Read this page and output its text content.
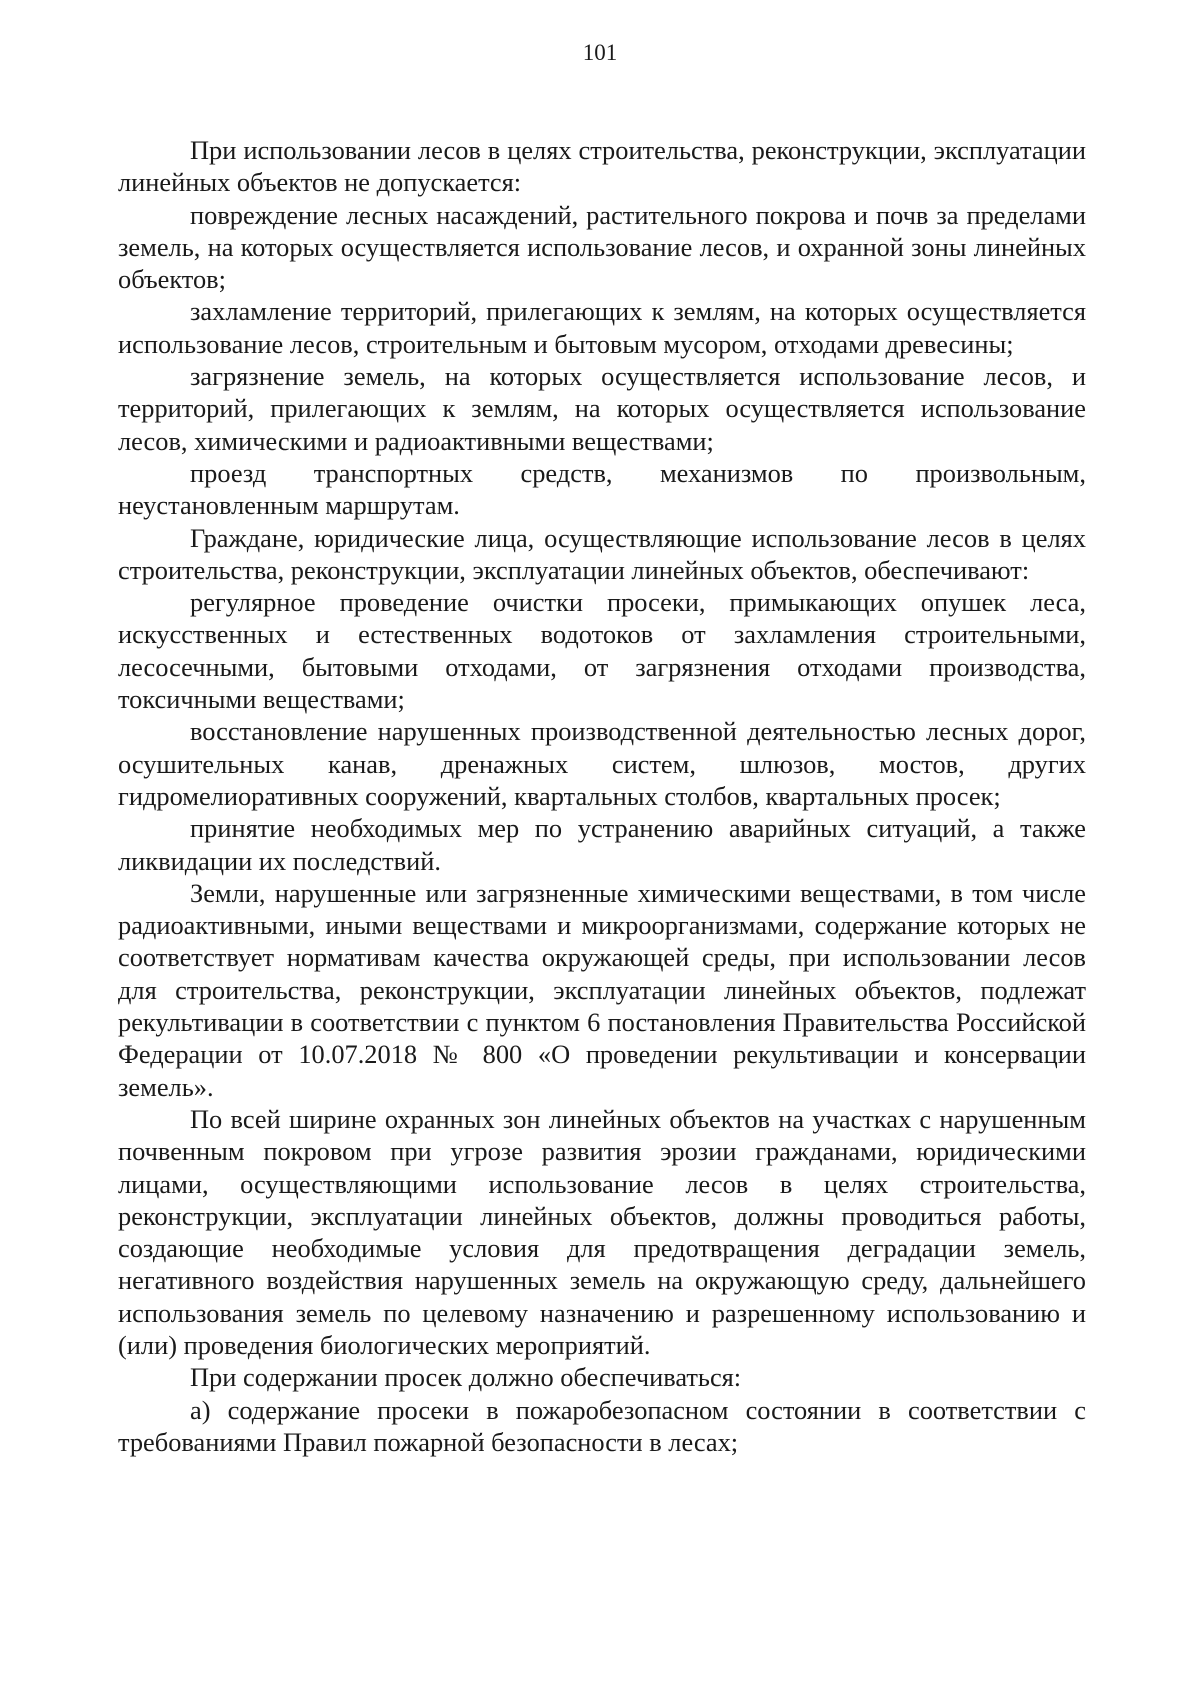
101

При использовании лесов в целях строительства, реконструкции, эксплуатации линейных объектов не допускается:

повреждение лесных насаждений, растительного покрова и почв за пределами земель, на которых осуществляется использование лесов, и охранной зоны линейных объектов;

захламление территорий, прилегающих к землям, на которых осуществляется использование лесов, строительным и бытовым мусором, отходами древесины;

загрязнение земель, на которых осуществляется использование лесов, и территорий, прилегающих к землям, на которых осуществляется использование лесов, химическими и радиоактивными веществами;

проезд транспортных средств, механизмов по произвольным, неустановленным маршрутам.

Граждане, юридические лица, осуществляющие использование лесов в целях строительства, реконструкции, эксплуатации линейных объектов, обеспечивают:

регулярное проведение очистки просеки, примыкающих опушек леса, искусственных и естественных водотоков от захламления строительными, лесосечными, бытовыми отходами, от загрязнения отходами производства, токсичными веществами;

восстановление нарушенных производственной деятельностью лесных дорог, осушительных канав, дренажных систем, шлюзов, мостов, других гидромелиоративных сооружений, квартальных столбов, квартальных просек;

принятие необходимых мер по устранению аварийных ситуаций, а также ликвидации их последствий.

Земли, нарушенные или загрязненные химическими веществами, в том числе радиоактивными, иными веществами и микроорганизмами, содержание которых не соответствует нормативам качества окружающей среды, при использовании лесов для строительства, реконструкции, эксплуатации линейных объектов, подлежат рекультивации в соответствии с пунктом 6 постановления Правительства Российской Федерации от 10.07.2018 № 800 «О проведении рекультивации и консервации земель».

По всей ширине охранных зон линейных объектов на участках с нарушенным почвенным покровом при угрозе развития эрозии гражданами, юридическими лицами, осуществляющими использование лесов в целях строительства, реконструкции, эксплуатации линейных объектов, должны проводиться работы, создающие необходимые условия для предотвращения деградации земель, негативного воздействия нарушенных земель на окружающую среду, дальнейшего использования земель по целевому назначению и разрешенному использованию и (или) проведения биологических мероприятий.

При содержании просек должно обеспечиваться:

а) содержание просеки в пожаробезопасном состоянии в соответствии с требованиями Правил пожарной безопасности в лесах;
